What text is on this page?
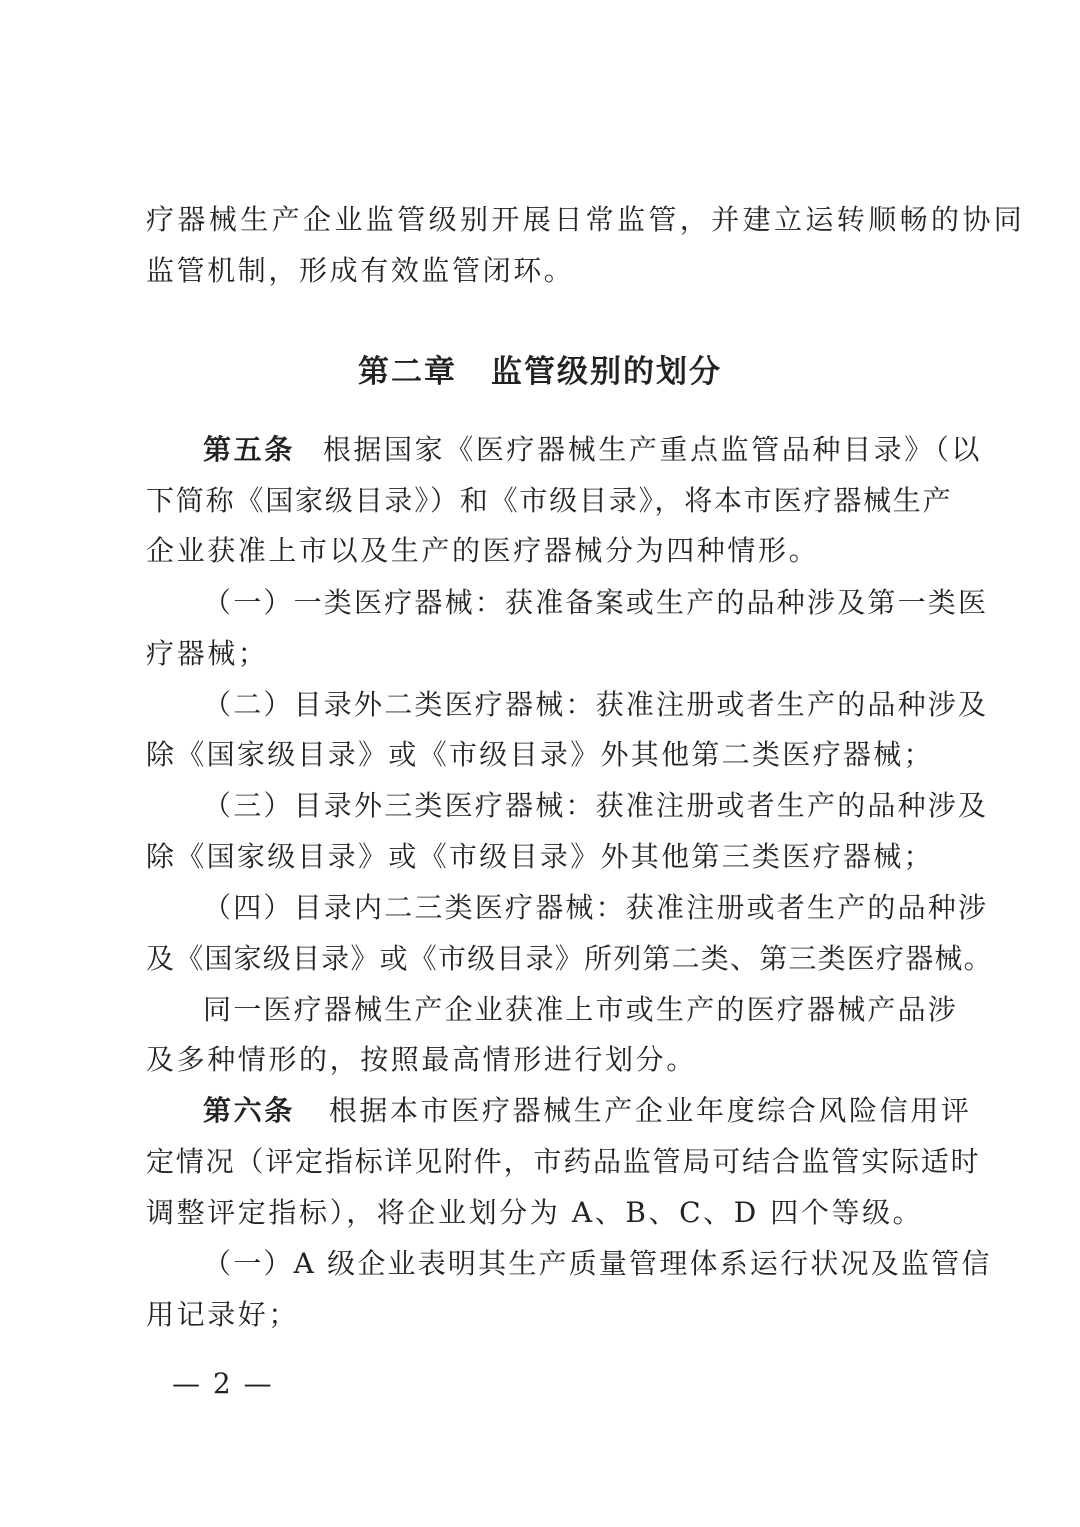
疗器械生产企业监管级别开展日常监管，并建立运转顺畅的协同
监管机制，形成有效监管闭环。
第二章 监管级别的划分
第五条 根据国家《医疗器械生产重点监管品种目录》（以
下简称《国家级目录》）和《市级目录》，将本市医疗器械生产
企业获准上市以及生产的医疗器械分为四种情形。
（一）一类医疗器械：获准备案或生产的品种涉及第一类医
疗器械；
（二）目录外二类医疗器械：获准注册或者生产的品种涉及
除《国家级目录》或《市级目录》外其他第二类医疗器械；
（三）目录外三类医疗器械：获准注册或者生产的品种涉及
除《国家级目录》或《市级目录》外其他第三类医疗器械；
（四）目录内二三类医疗器械：获准注册或者生产的品种涉
及《国家级目录》或《市级目录》所列第二类、第三类医疗器械。
同一医疗器械生产企业获准上市或生产的医疗器械产品涉
及多种情形的，按照最高情形进行划分。
第六条 根据本市医疗器械生产企业年度综合风险信用评
定情况（评定指标详见附件，市药品监管局可结合监管实际适时
调整评定指标），将企业划分为 A、B、C、D 四个等级。
（一）A 级企业表明其生产质量管理体系运行状况及监管信
用记录好；
— 2 —
